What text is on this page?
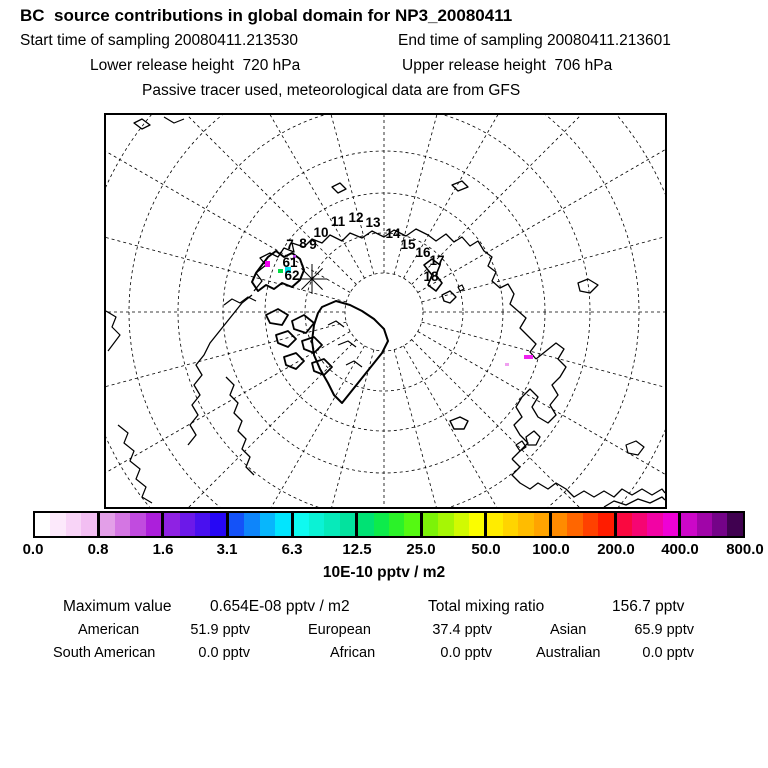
BC  source contributions in global domain for NP3_20080411
Start time of sampling 20080411.213530	End time of sampling 20080411.213601
Lower release height  720 hPa	Upper release height  706 hPa
Passive tracer used, meteorological data are from GFS
7 8 9
10
11 12 13
14
15
16
17
18
61
62
0.0	0.8	1.6	3.1	6.3	12.5	25.0	50.0	100.0	200.0	400.0	800.0
10E-10 pptv / m2
Maximum value 0.654E-08 pptv / m2	Total mixing ratio	156.7 pptv
American	51.9 pptv	European	37.4 pptv	Asian	65.9 pptv
South American	0.0 pptv	African	0.0 pptv	Australian	0.0 pptv
